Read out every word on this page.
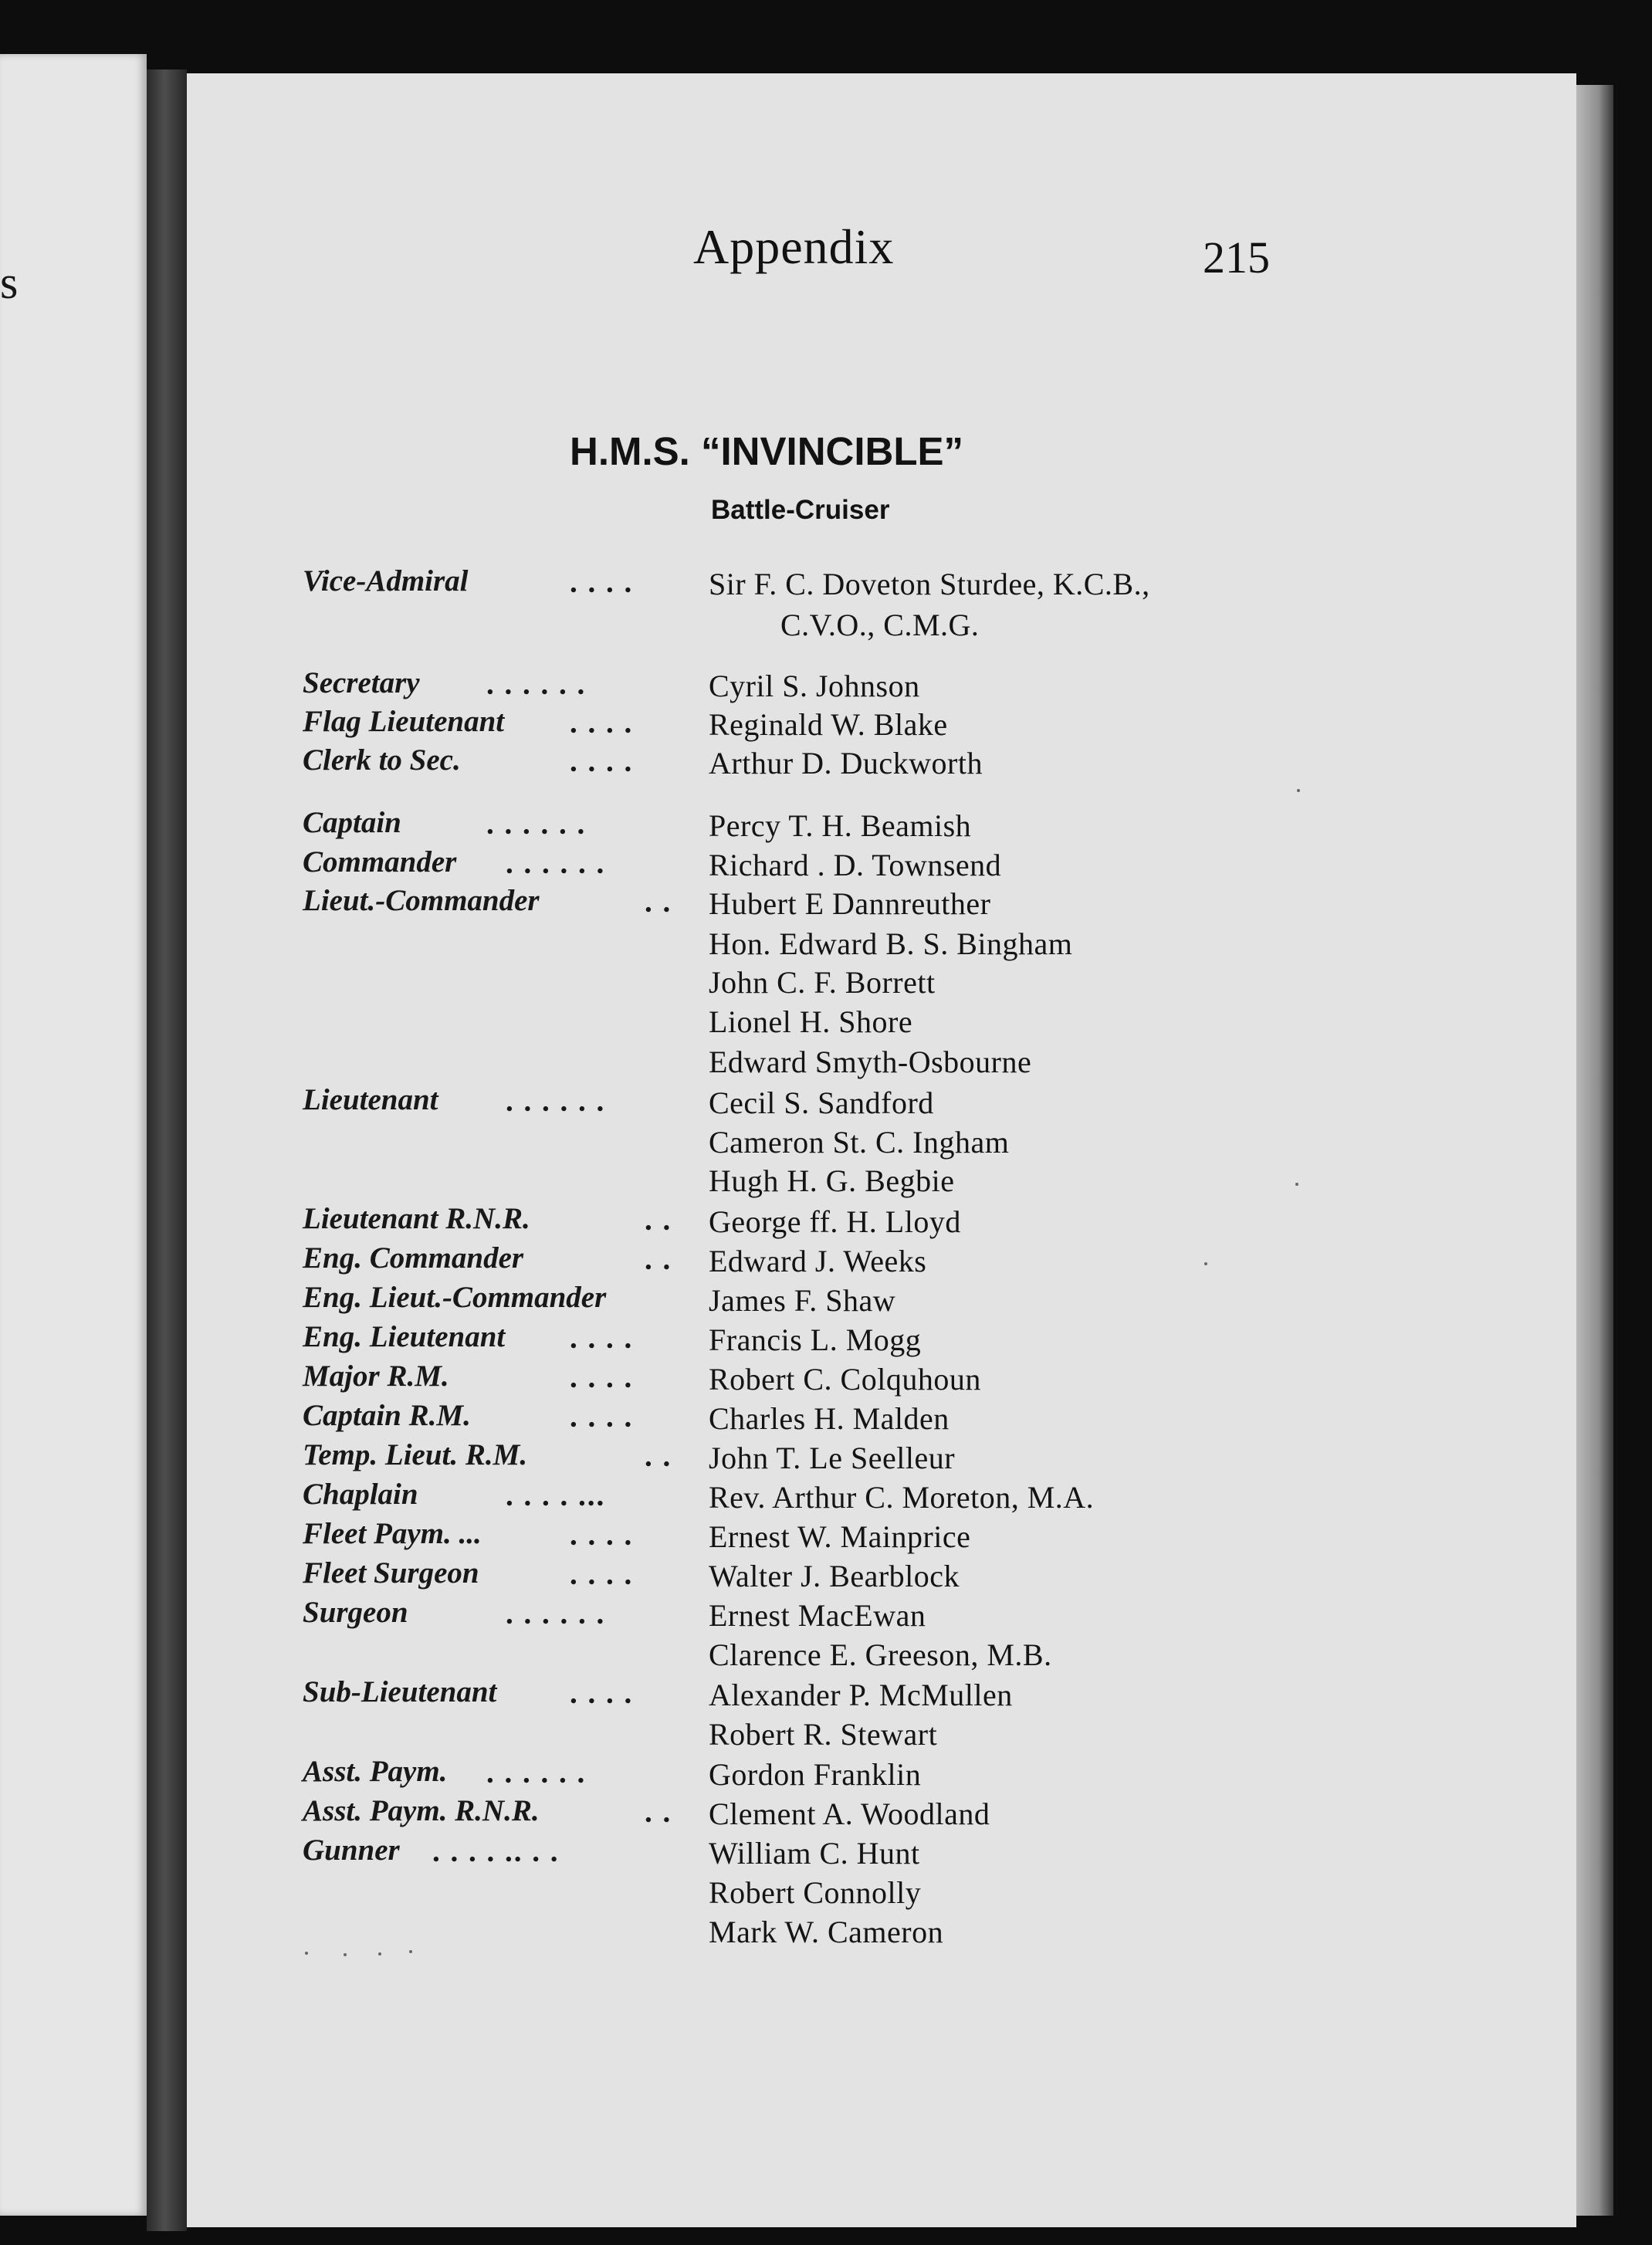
s

Appendix	215

H.M.S. “INVINCIBLE”

Battle-Cruiser

Vice-Admiral	. . . . Sir F. C. Doveton Sturdee, K.C.B.,

C.V.O., C.M.G.

Secretary . . . . . .	Cyril S. Johnson

Flag Lieutenant . . . . Reginald W. Blake

Clerk to Sec.	. . . . Arthur D. Duckworth

Captain	. . . . . .	Percy T. H. Beamish

Commander . . . . . .	Richard . D. Townsend

Lieut.-Commander	. . Hubert E Dannreuther

Hon. Edward B. S. Bingham

John C. F. Borrett

Lionel H. Shore

Edward Smyth-Osbourne

Lieutenant . . . . . .	Cecil S. Sandford

Cameron St. C. Ingham

Hugh H. G. Begbie

Lieutenant R.N.R.	. . George ff. H. Lloyd

Eng. Commander	. . Edward J. Weeks

Eng. Lieut.-Commander	James F. Shaw

Eng. Lieutenant . . . . Francis L. Mogg

Major R.M.	. . . . Robert C. Colquhoun

Captain R.M.	. . . . Charles H. Malden

Temp. Lieut. R.M.	. . John T. Le Seelleur

Chaplain	. . . . ...	Rev. Arthur C. Moreton, M.A.

Fleet Paym. ...	. . . . Ernest W. Mainprice

Fleet Surgeon	. . . . Walter J. Bearblock

Surgeon	. . . . . .	Ernest MacEwan

Clarence E. Greeson, M.B.

Sub-Lieutenant . . . . Alexander P. McMullen

Robert R. Stewart

Asst. Paym. . . . . . .	Gordon Franklin

Asst. Paym. R.N.R.	. . Clement A. Woodland

Gunner . . . . .. . .	William C. Hunt

Robert Connolly

Mark W. Cameron
